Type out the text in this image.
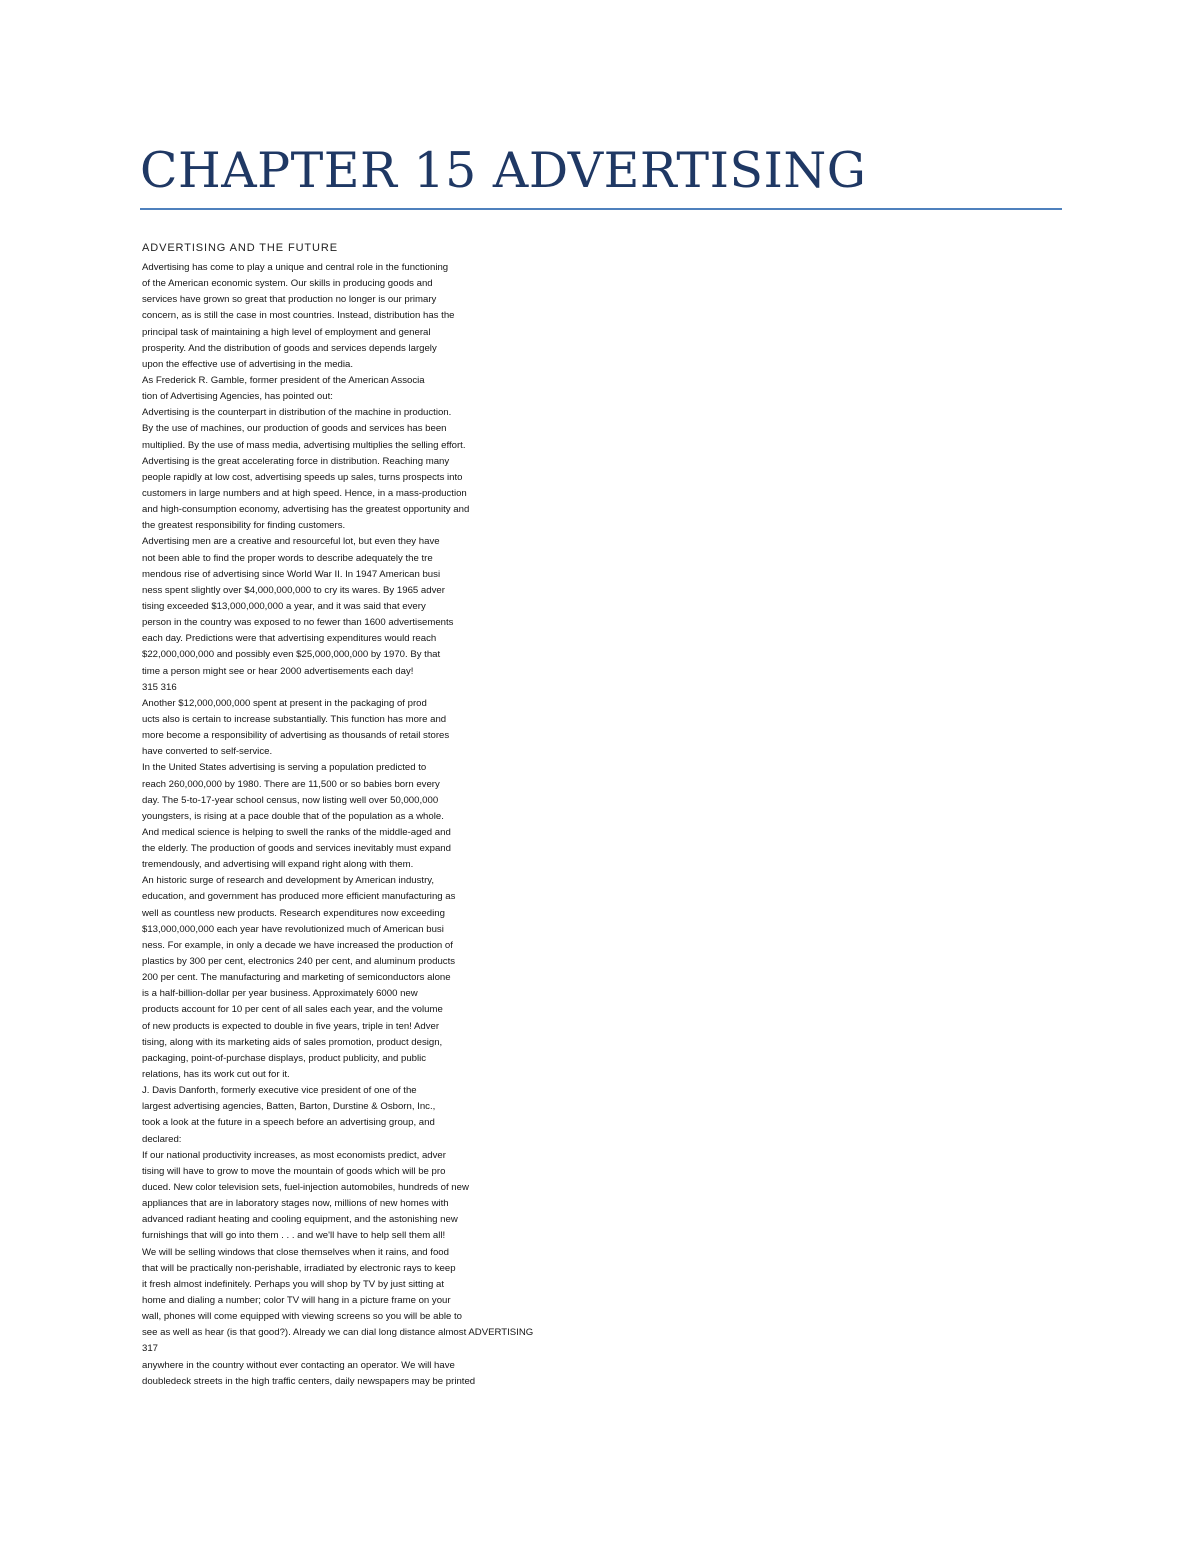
CHAPTER 15 ADVERTISING
ADVERTISING AND THE FUTURE
Advertising has come to play a unique and central role in the functioning
of the American economic system. Our skills in producing goods and
services have grown so great that production no longer is our primary
concern, as is still the case in most countries. Instead, distribution has the
principal task of maintaining a high level of employment and general
prosperity. And the distribution of goods and services depends largely
upon the effective use of advertising in the media.
As Frederick R. Gamble, former president of the American Associa
tion of Advertising Agencies, has pointed out:
Advertising is the counterpart in distribution of the machine in production.
By the use of machines, our production of goods and services has been
multiplied. By the use of mass media, advertising multiplies the selling effort.
Advertising is the great accelerating force in distribution. Reaching many
people rapidly at low cost, advertising speeds up sales, turns prospects into
customers in large numbers and at high speed. Hence, in a mass-production
and high-consumption economy, advertising has the greatest opportunity and
the greatest responsibility for finding customers.
Advertising men are a creative and resourceful lot, but even they have
not been able to find the proper words to describe adequately the tre
mendous rise of advertising since World War II. In 1947 American busi
ness spent slightly over $4,000,000,000 to cry its wares. By 1965 adver
tising exceeded $13,000,000,000 a year, and it was said that every
person in the country was exposed to no fewer than 1600 advertisements
each day. Predictions were that advertising expenditures would reach
$22,000,000,000 and possibly even $25,000,000,000 by 1970. By that
time a person might see or hear 2000 advertisements each day!
315 316
Another $12,000,000,000 spent at present in the packaging of prod
ucts also is certain to increase substantially. This function has more and
more become a responsibility of advertising as thousands of retail stores
have converted to self-service.
In the United States advertising is serving a population predicted to
reach 260,000,000 by 1980. There are 11,500 or so babies born every
day. The 5-to-17-year school census, now listing well over 50,000,000
youngsters, is rising at a pace double that of the population as a whole.
And medical science is helping to swell the ranks of the middle-aged and
the elderly. The production of goods and services inevitably must expand
tremendously, and advertising will expand right along with them.
An historic surge of research and development by American industry,
education, and government has produced more efficient manufacturing as
well as countless new products. Research expenditures now exceeding
$13,000,000,000 each year have revolutionized much of American busi
ness. For example, in only a decade we have increased the production of
plastics by 300 per cent, electronics 240 per cent, and aluminum products
200 per cent. The manufacturing and marketing of semiconductors alone
is a half-billion-dollar per year business. Approximately 6000 new
products account for 10 per cent of all sales each year, and the volume
of new products is expected to double in five years, triple in ten! Adver
tising, along with its marketing aids of sales promotion, product design,
packaging, point-of-purchase displays, product publicity, and public
relations, has its work cut out for it.
J. Davis Danforth, formerly executive vice president of one of the
largest advertising agencies, Batten, Barton, Durstine & Osborn, Inc.,
took a look at the future in a speech before an advertising group, and
declared:
If our national productivity increases, as most economists predict, adver
tising will have to grow to move the mountain of goods which will be pro
duced. New color television sets, fuel-injection automobiles, hundreds of new
appliances that are in laboratory stages now, millions of new homes with
advanced radiant heating and cooling equipment, and the astonishing new
furnishings that will go into them . . . and we'll have to help sell them all!
We will be selling windows that close themselves when it rains, and food
that will be practically non-perishable, irradiated by electronic rays to keep
it fresh almost indefinitely. Perhaps you will shop by TV by just sitting at
home and dialing a number; color TV will hang in a picture frame on your
wall, phones will come equipped with viewing screens so you will be able to
see as well as hear (is that good?). Already we can dial long distance almost ADVERTISING
317
anywhere in the country without ever contacting an operator. We will have
doubledeck streets in the high traffic centers, daily newspapers may be printed
